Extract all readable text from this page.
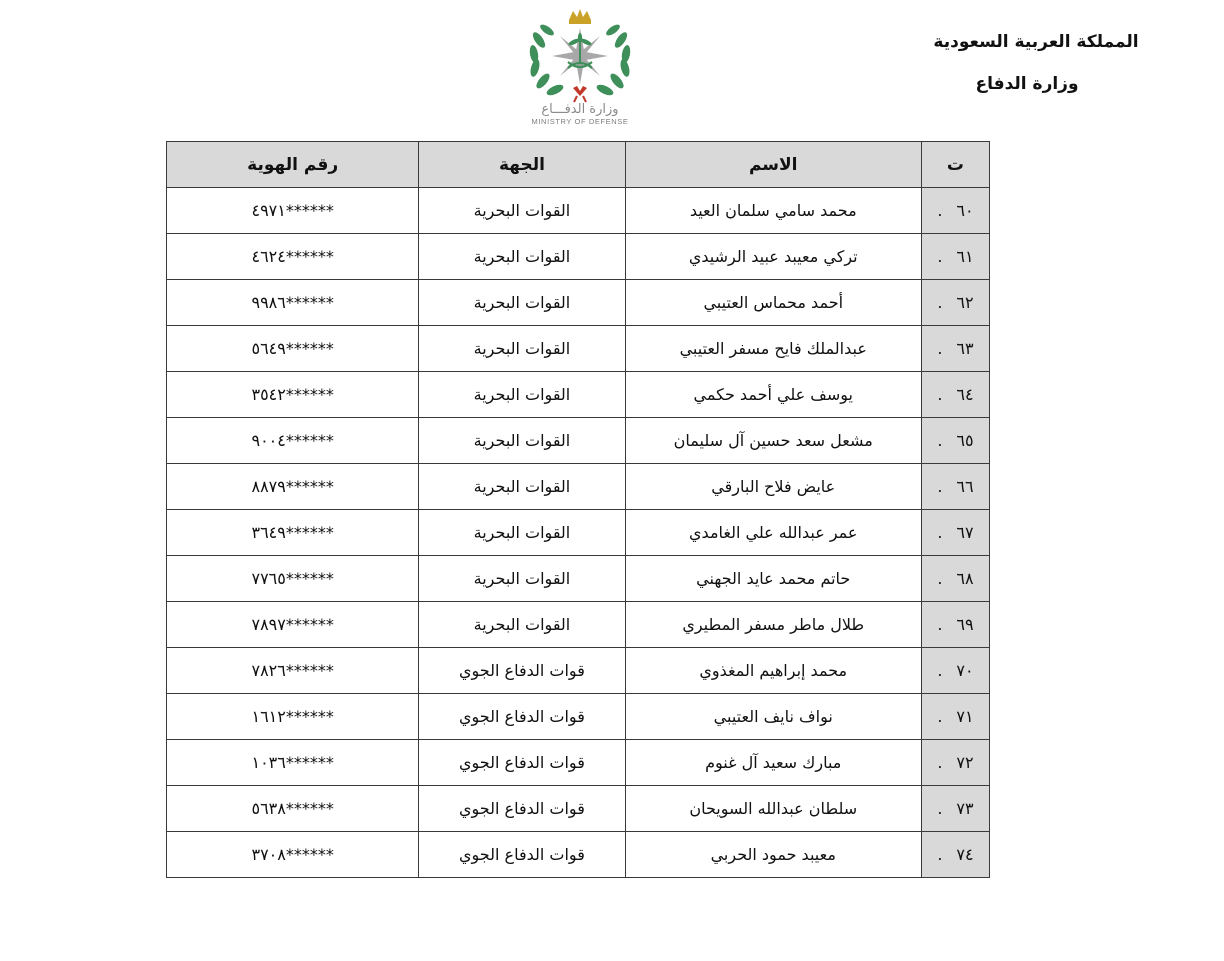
المملكة العربية السعودية
وزارة الدفاع
وزارة الدفـــاع
MINISTRY OF DEFENSE
ت	الاسم	الجهة	رقم الهوية
٦٠.	محمد سامي سلمان العيد	القوات البحرية	******٤٩٧١
٦١.	تركي معيبد عبيد الرشيدي	القوات البحرية	******٤٦٢٤
٦٢.	أحمد محماس العتيبي	القوات البحرية	******٩٩٨٦
٦٣.	عبدالملك فايح مسفر العتيبي	القوات البحرية	******٥٦٤٩
٦٤.	يوسف علي أحمد حكمي	القوات البحرية	******٣٥٤٢
٦٥.	مشعل سعد حسين آل سليمان	القوات البحرية	******٩٠٠٤
٦٦.	عايض فلاح البارقي	القوات البحرية	******٨٨٧٩
٦٧.	عمر عبدالله علي الغامدي	القوات البحرية	******٣٦٤٩
٦٨.	حاتم محمد عايد الجهني	القوات البحرية	******٧٧٦٥
٦٩.	طلال ماطر مسفر المطيري	القوات البحرية	******٧٨٩٧
٧٠.	محمد إبراهيم المغذوي	قوات الدفاع الجوي	******٧٨٢٦
٧١.	نواف نايف العتيبي	قوات الدفاع الجوي	******١٦١٢
٧٢.	مبارك سعيد آل غنوم	قوات الدفاع الجوي	******١٠٣٦
٧٣.	سلطان عبدالله السويحان	قوات الدفاع الجوي	******٥٦٣٨
٧٤.	معيبد حمود الحربي	قوات الدفاع الجوي	******٣٧٠٨
